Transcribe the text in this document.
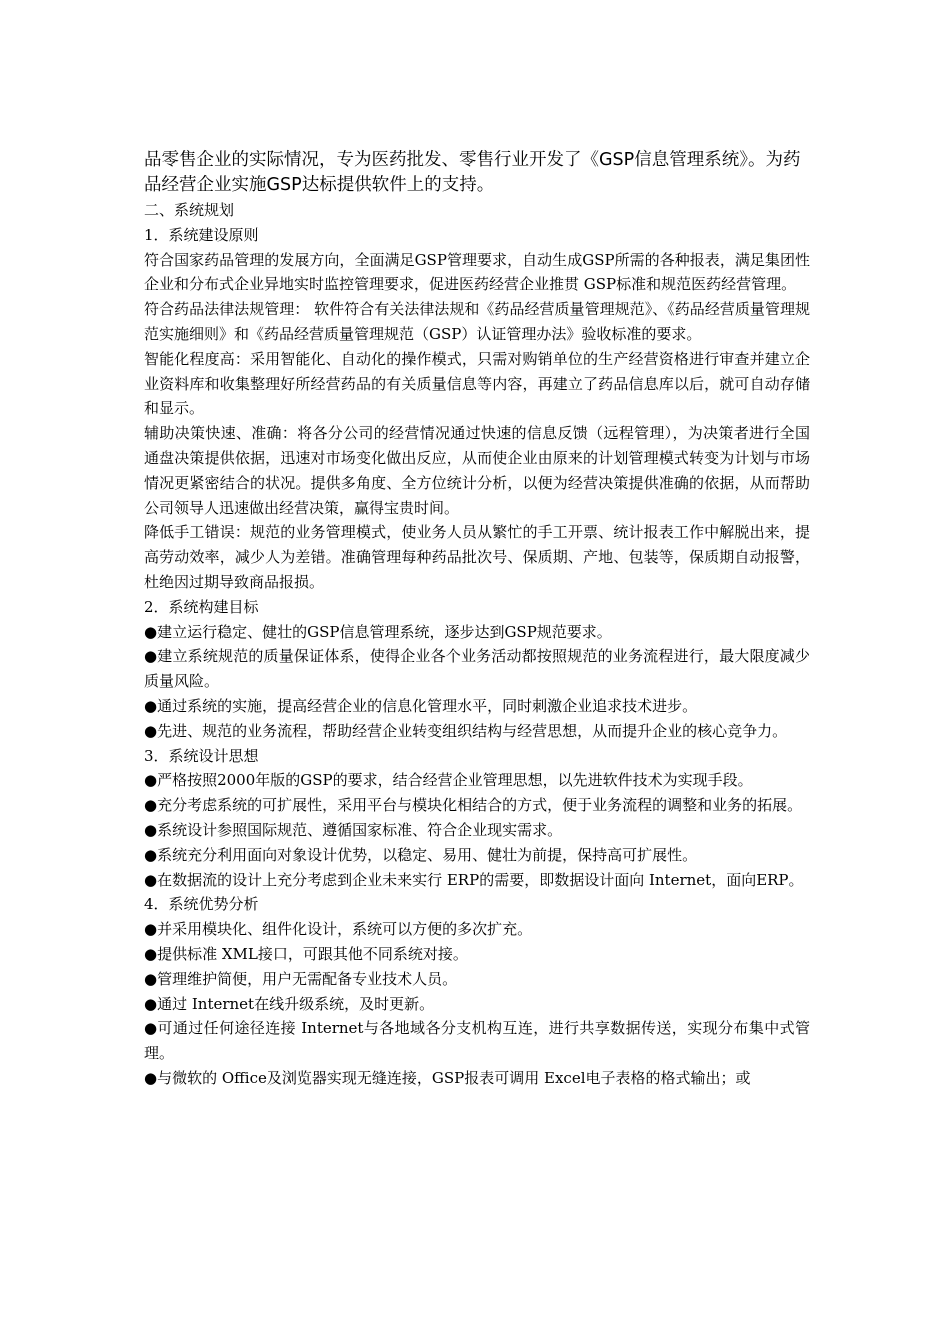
品零售企业的实际情况，专为医药批发、零售行业开发了《GSP信息管理系统》。为药品经营企业实施GSP达标提供软件上的支持。

二、系统规划

1．系统建设原则

符合国家药品管理的发展方向，全面满足GSP管理要求，自动生成GSP所需的各种报表，满足集团性企业和分布式企业异地实时监控管理要求，促进医药经营企业推贯 GSP标准和规范医药经营管理。

符合药品法律法规管理： 软件符合有关法律法规和《药品经营质量管理规范》、《药品经营质量管理规范实施细则》和《药品经营质量管理规范（GSP）认证管理办法》验收标准的要求。

智能化程度高：采用智能化、自动化的操作模式，只需对购销单位的生产经营资格进行审查并建立企业资料库和收集整理好所经营药品的有关质量信息等内容，再建立了药品信息库以后，就可自动存储和显示。

辅助决策快速、准确：将各分公司的经营情况通过快速的信息反馈（远程管理），为决策者进行全国通盘决策提供依据，迅速对市场变化做出反应，从而使企业由原来的计划管理模式转变为计划与市场情况更紧密结合的状况。提供多角度、全方位统计分析，以便为经营决策提供准确的依据，从而帮助公司领导人迅速做出经营决策，赢得宝贵时间。

降低手工错误：规范的业务管理模式，使业务人员从繁忙的手工开票、统计报表工作中解脱出来，提高劳动效率，减少人为差错。准确管理每种药品批次号、保质期、产地、包装等，保质期自动报警，杜绝因过期导致商品报损。

2．系统构建目标

●建立运行稳定、健壮的GSP信息管理系统，逐步达到GSP规范要求。

●建立系统规范的质量保证体系，使得企业各个业务活动都按照规范的业务流程进行，最大限度减少质量风险。

●通过系统的实施，提高经营企业的信息化管理水平，同时刺激企业追求技术进步。

●先进、规范的业务流程，帮助经营企业转变组织结构与经营思想，从而提升企业的核心竞争力。

3．系统设计思想

●严格按照2000年版的GSP的要求，结合经营企业管理思想，以先进软件技术为实现手段。

●充分考虑系统的可扩展性，采用平台与模块化相结合的方式，便于业务流程的调整和业务的拓展。

●系统设计参照国际规范、遵循国家标准、符合企业现实需求。

●系统充分利用面向对象设计优势，以稳定、易用、健壮为前提，保持高可扩展性。

●在数据流的设计上充分考虑到企业未来实行 ERP的需要，即数据设计面向 Internet，面向ERP。

4．系统优势分析

●并采用模块化、组件化设计，系统可以方便的多次扩充。

●提供标准 XML接口，可跟其他不同系统对接。

●管理维护简便，用户无需配备专业技术人员。

●通过 Internet在线升级系统，及时更新。

●可通过任何途径连接 Internet与各地域各分支机构互连，进行共享数据传送，实现分布集中式管理。

●与微软的 Office及浏览器实现无缝连接，GSP报表可调用 Excel电子表格的格式输出；或
